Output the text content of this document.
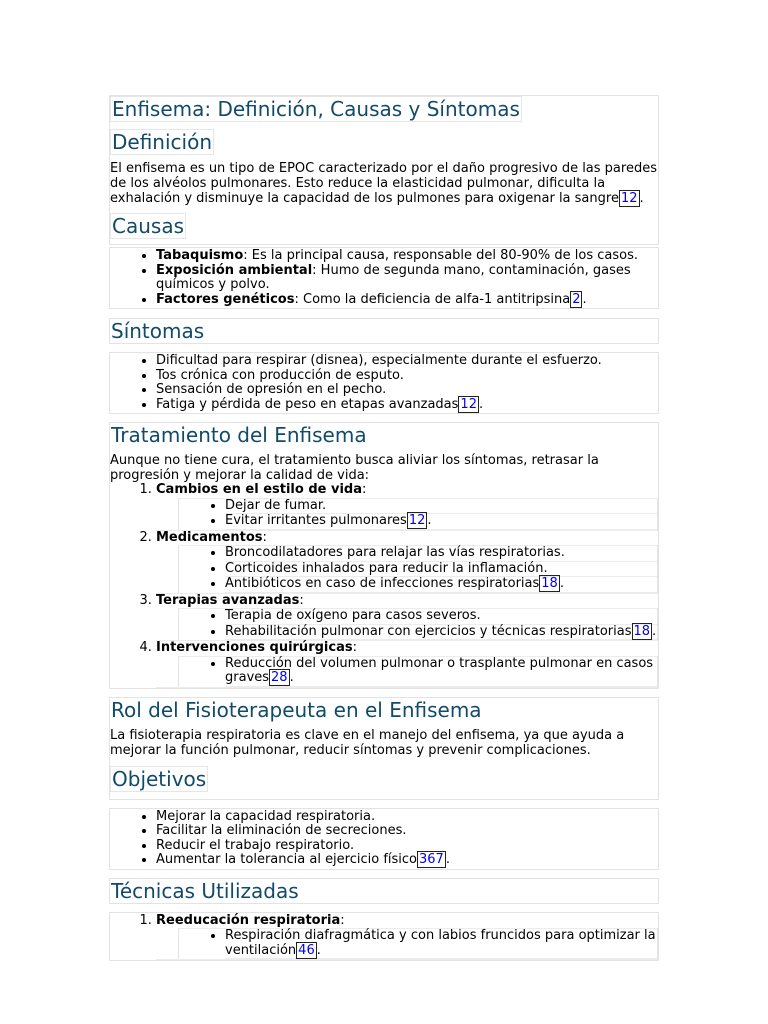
Enfisema: Definición, Causas y Síntomas
Definición

El enfisema es un tipo de EPOC caracterizado por el daño progresivo de las paredes de los alvéolos pulmonares. Esto reduce la elasticidad pulmonar, dificulta la exhalación y disminuye la capacidad de los pulmones para oxigenar la sangre 12 .

Causas
• Tabaquismo: Es la principal causa, responsable del 80-90% de los casos.
• Exposición ambiental: Humo de segunda mano, contaminación, gases químicos y polvo.
• Factores genéticos: Como la deficiencia de alfa-1 antitripsina 2 .
Síntomas
• Dificultad para respirar (disnea), especialmente durante el esfuerzo.
• Tos crónica con producción de esputo.
• Sensación de opresión en el pecho.
• Fatiga y pérdida de peso en etapas avanzadas 12 .
Tratamiento del Enfisema

Aunque no tiene cura, el tratamiento busca aliviar los síntomas, retrasar la progresión y mejorar la calidad de vida:

1. Cambios en el estilo de vida:
• Dejar de fumar.
• Evitar irritantes pulmonares 12 .
2. Medicamentos:
• Broncodilatadores para relajar las vías respiratorias.
• Corticoides inhalados para reducir la inflamación.
• Antibióticos en caso de infecciones respiratorias 18 .
3. Terapias avanzadas:
• Terapia de oxígeno para casos severos.
• Rehabilitación pulmonar con ejercicios y técnicas respiratorias 18 .
4. Intervenciones quirúrgicas:
• Reducción del volumen pulmonar o trasplante pulmonar en casos graves 28 .
Rol del Fisioterapeuta en el Enfisema

La fisioterapia respiratoria es clave en el manejo del enfisema, ya que ayuda a mejorar la función pulmonar, reducir síntomas y prevenir complicaciones.

Objetivos
• Mejorar la capacidad respiratoria.
• Facilitar la eliminación de secreciones.
• Reducir el trabajo respiratorio.
• Aumentar la tolerancia al ejercicio físico 367 .
Técnicas Utilizadas
1. Reeducación respiratoria:
• Respiración diafragmática y con labios fruncidos para optimizar la ventilación 46 .
